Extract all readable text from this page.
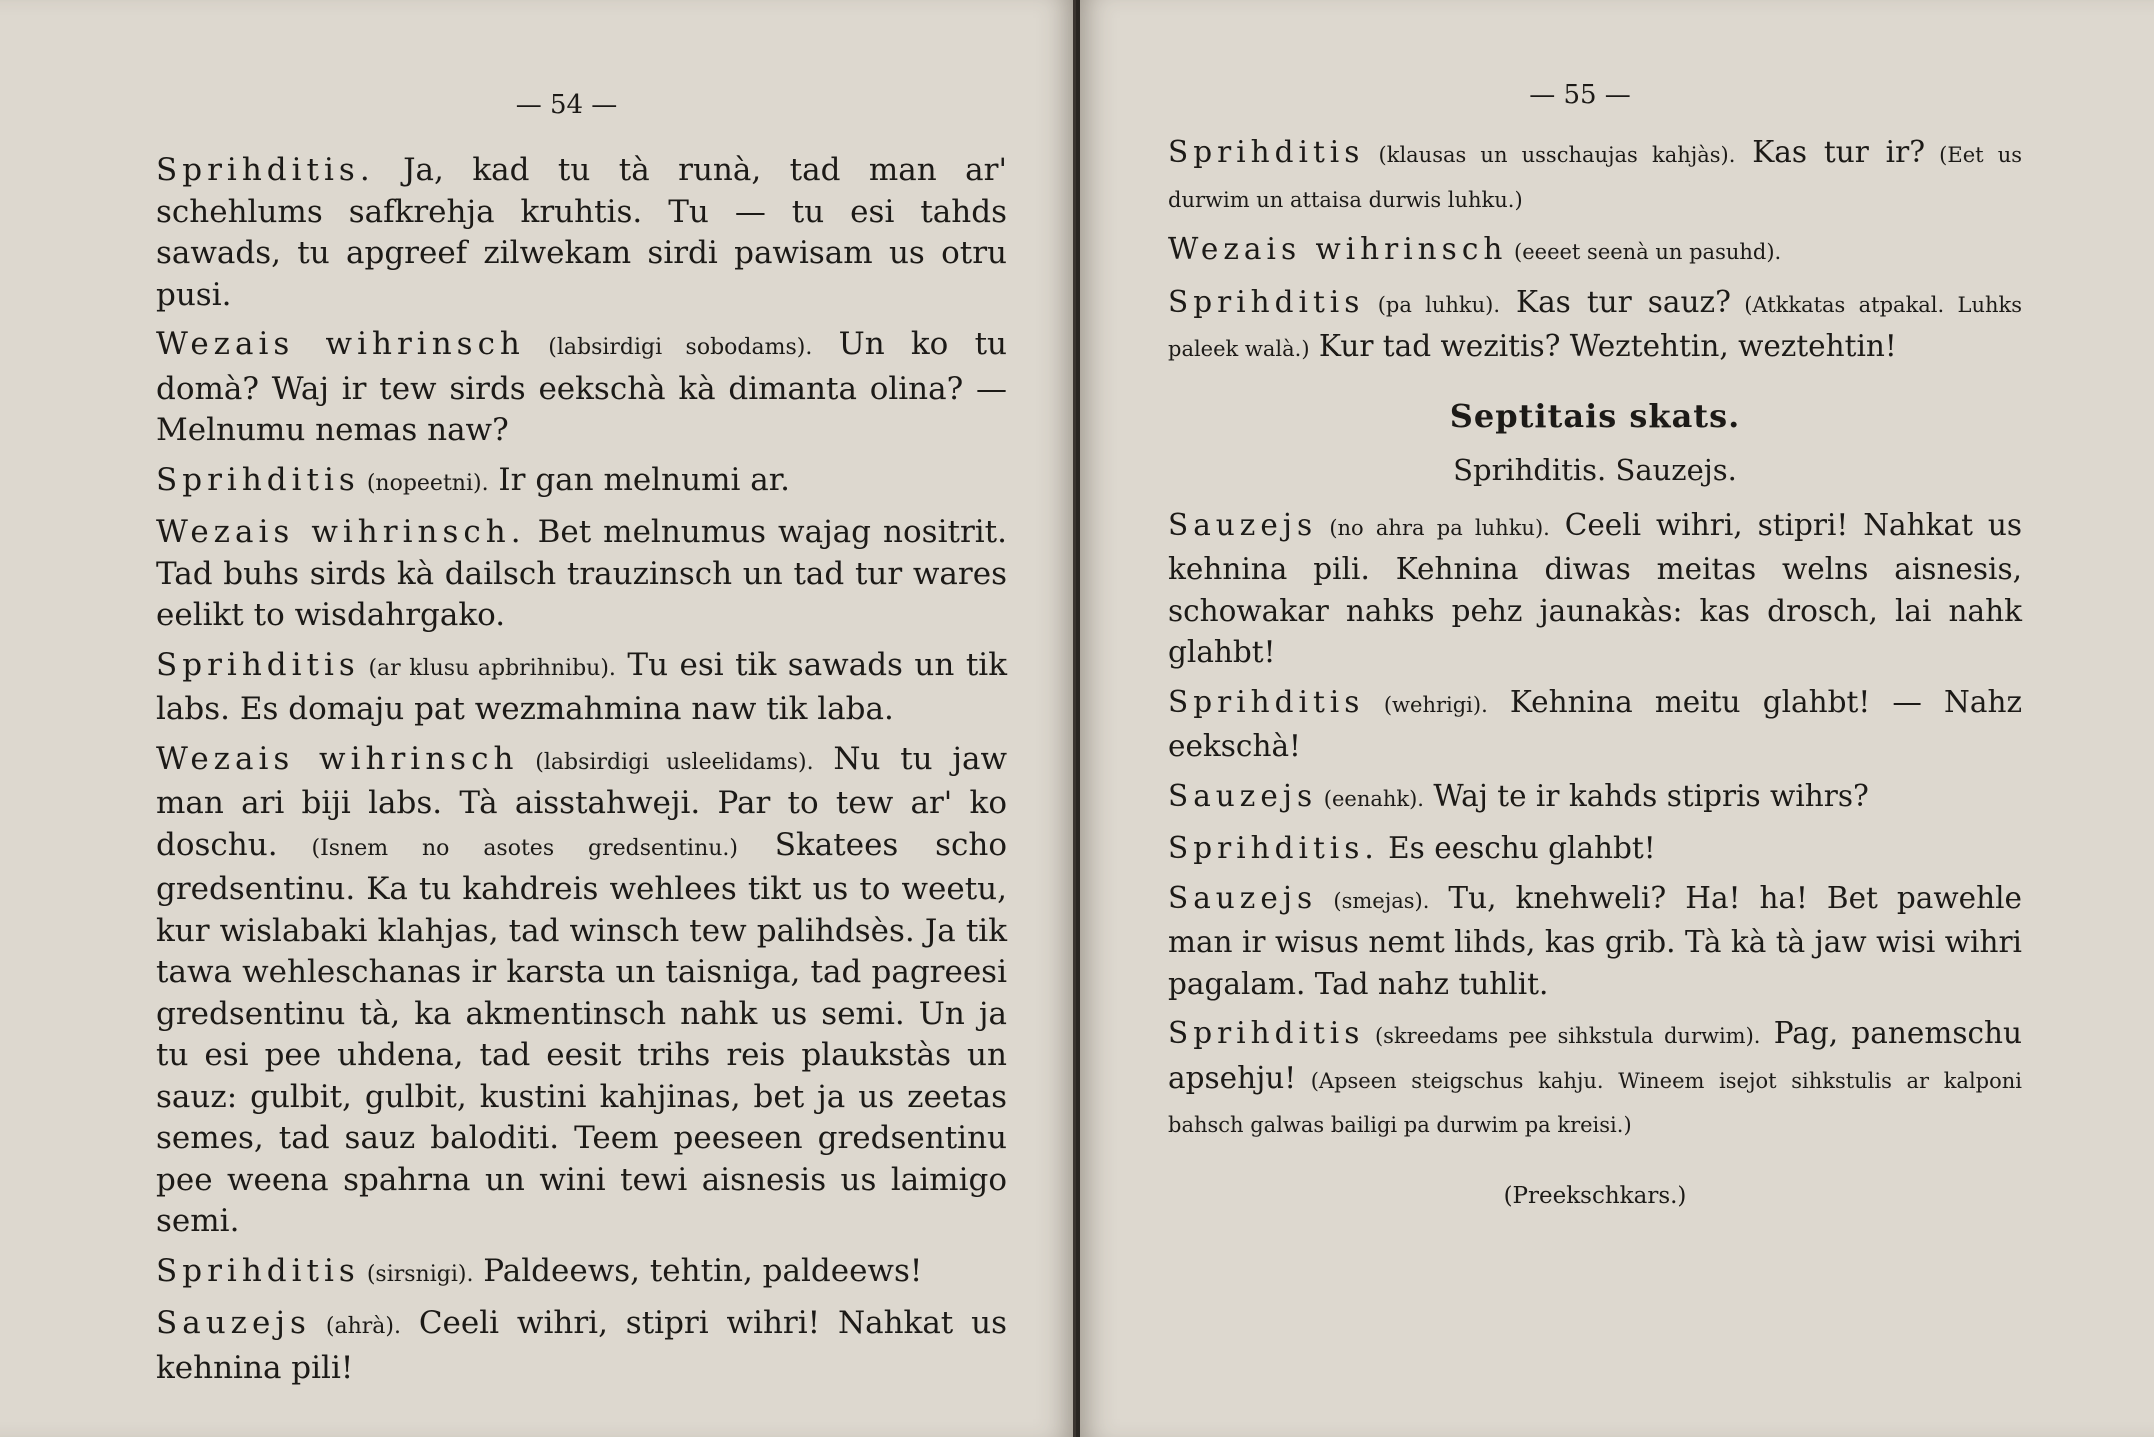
— 54 —

Sprihditis. Ja, kad tu tà runà, tad man ar' schehlums safkrehja kruhtis. Tu — tu esi tahds sawads, tu apgreef zilwekam sirdi pawisam us otru pusi.

Wezais wihrinsch (labsirdigi sobodams). Un ko tu domà? Waj ir tew sirds eekschà kà dimanta olina? — Melnumu nemas naw?

Sprihditis (nopeetni). Ir gan melnumi ar.

Wezais wihrinsch. Bet melnumus wajag nositrit. Tad buhs sirds kà dailsch trauzinsch un tad tur wares eelikt to wisdahrgako.

Sprihditis (ar klusu apbrihnibu). Tu esi tik sawads un tik labs. Es domaju pat wezmahmina naw tik laba.

Wezais wihrinsch (labsirdigi usleelidams). Nu tu jaw man ari biji labs. Tà aisstahweji. Par to tew ar' ko doschu. (Isnem no asotes gredsentinu.) Skatees scho gredsentinu. Ka tu kahdreis wehlees tikt us to weetu, kur wislabaki klahjas, tad winsch tew palihdsès. Ja tik tawa wehleschanas ir karsta un taisniga, tad pagreesi gredsentinu tà, ka akmentinsch nahk us semi. Un ja tu esi pee uhdena, tad eesit trihs reis plaukstàs un sauz: gulbit, gulbit, kustini kahjinas, bet ja us zeetas semes, tad sauz baloditi. Teem peeseen gredsentinu pee weena spahrna un wini tewi aisnesis us laimigo semi.

Sprihditis (sirsnigi). Paldeews, tehtin, paldeews!

Sauzejs (ahrà). Ceeli wihri, stipri wihri! Nahkat us kehnina pili!

— 55 —

Sprihditis (klausas un usschaujas kahjàs). Kas tur ir? (Eet us durwim un attaisa durwis luhku.)

Wezais wihrinsch (eeeet seenà un pasuhd).

Sprihditis (pa luhku). Kas tur sauz? (Atkkatas atpakal. Luhks paleek walà.) Kur tad wezitis? Weztehtin, weztehtin!

Septitais skats.
Sprihditis. Sauzejs.

Sauzejs (no ahra pa luhku). Ceeli wihri, stipri! Nahkat us kehnina pili. Kehnina diwas meitas welns aisnesis, schowakar nahks pehz jaunakàs: kas drosch, lai nahk glahbt!

Sprihditis (wehrigi). Kehnina meitu glahbt! — Nahz eekschà!

Sauzejs (eenahk). Waj te ir kahds stipris wihrs?

Sprihditis. Es eeschu glahbt!

Sauzejs (smejas). Tu, knehweli? Ha! ha! Bet pawehle man ir wisus nemt lihds, kas grib. Tà kà tà jaw wisi wihri pagalam. Tad nahz tuhlit.

Sprihditis (skreedams pee sihkstula durwim). Pag, panemschu apsehju! (Apseen steigschus kahju. Wineem isejot sihkstulis ar kalponi bahsch galwas bailigi pa durwim pa kreisi.)

(Preekschkars.)
